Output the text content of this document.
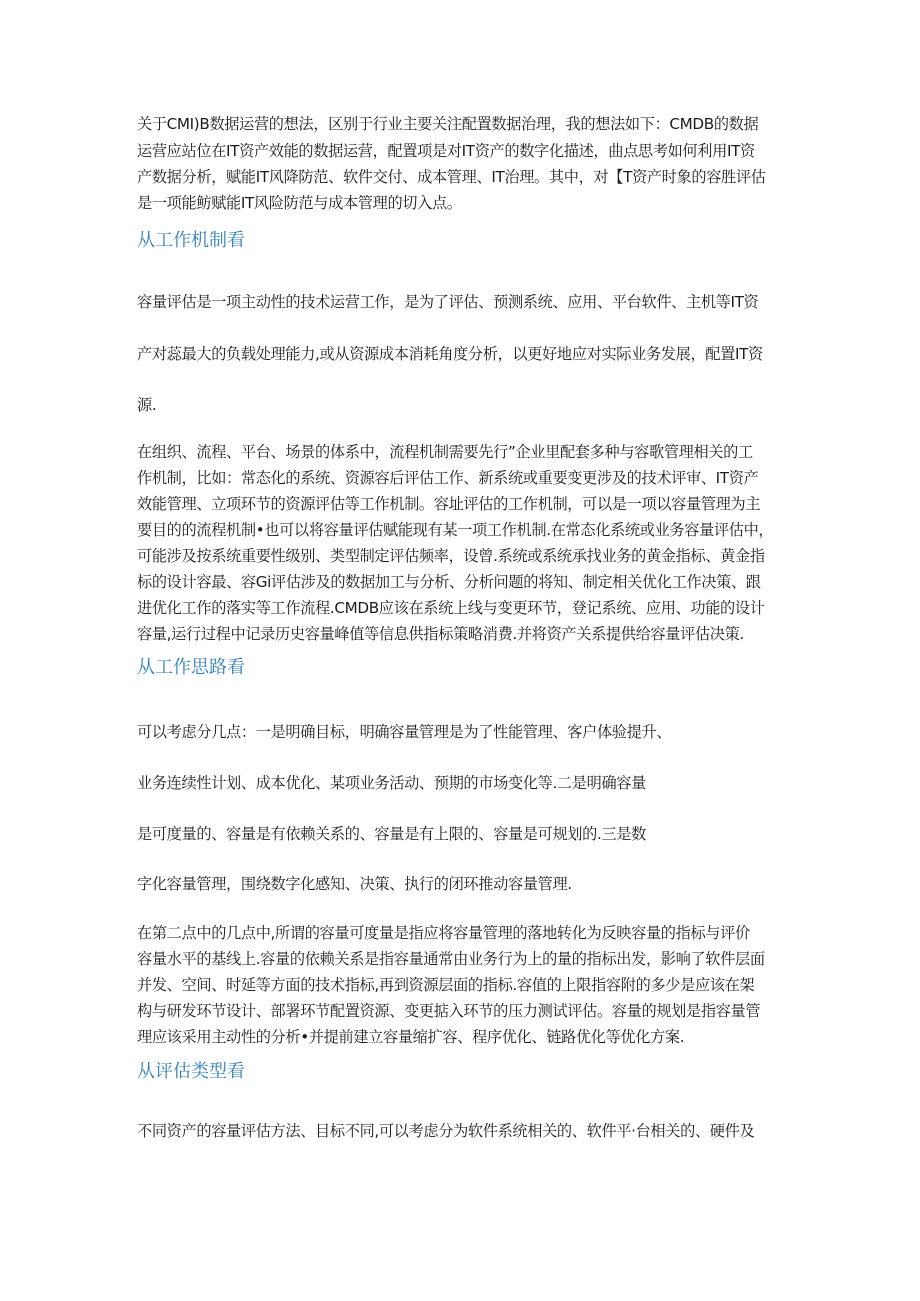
关于CMI)B数据运营的想法，区别于行业主要关注配置数据治理，我的想法如下：CMDB的数据

运营应站位在IT资产效能的数据运营，配置项是对IT资产的数字化描述，曲点思考如何利用IT资

产数据分析，赋能IT风降防范、软件交付、成本管理、IT治理。其中，对【T资产时象的容胜评估

是一项能鲂赋能IT风险防范与成本管理的切入点。

从工作机制看

容量评估是一项主动性的技术运营工作，是为了评估、预测系统、应用、平台软件、主机等IT资

产对蕊最大的负载处理能力,或从资源成本消耗角度分析，以更好地应对实际业务发展，配置IT资

源.

在组织、流程、平台、场景的体系中，流程机制需要先行”企业里配套多种与容歌管理相关的工

作机制，比如：常态化的系统、资源容后评估工作、新系统或重要变更涉及的技术评审、IT资产

效能管理、立项环节的资源评估等工作机制。容址评估的工作机制，可以是一项以容量管理为主

要目的的流程机制•也可以将容量评估赋能现有某一项工作机制.在常态化系统或业务容量评估中，

可能涉及按系统重要性级别、类型制定评估频率，设曾.系统或系统承找业务的黄金指标、黄金指

标的设计容最、容Gi评估涉及的数据加工与分析、分析问题的将知、制定相关优化工作决策、跟

进优化工作的落实等工作流程.CMDB应该在系统上线与变更环节，登记系统、应用、功能的设计

容量,运行过程中记录历史容量峰值等信息供指标策略消费.并将资产关系提供给容量评估决策.

从工作思路看

可以考虑分几点：一是明确目标，明确容量管理是为了性能管理、客户体验提升、

业务连续性计划、成本优化、某项业务活动、预期的市场变化等.二是明确容量

是可度量的、容量是有依赖关系的、容量是有上限的、容量是可规划的.三是数

字化容量管理，围绕数字化感知、决策、执行的闭环推动容量管理.

在第二点中的几点中,所谓的容量可度量是指应将容量管理的落地转化为反映容量的指标与评价

容量水平的基线上.容量的依赖关系是指容量通常由业务行为上的量的指标出发，影响了软件层面

并发、空间、时延等方面的技术指标,再到资源层面的指标.容值的上限指容附的多少是应该在架

构与研发环节设计、部署环节配置资源、变更掂入环节的压力测试评估。容量的规划是指容量管

理应该采用主动性的分析•并提前建立容量缩扩容、程序优化、链路优化等优化方案.

从评估类型看

不同资产的容量评估方法、目标不同,可以考虑分为软件系统相关的、软件平·台相关的、硬件及
